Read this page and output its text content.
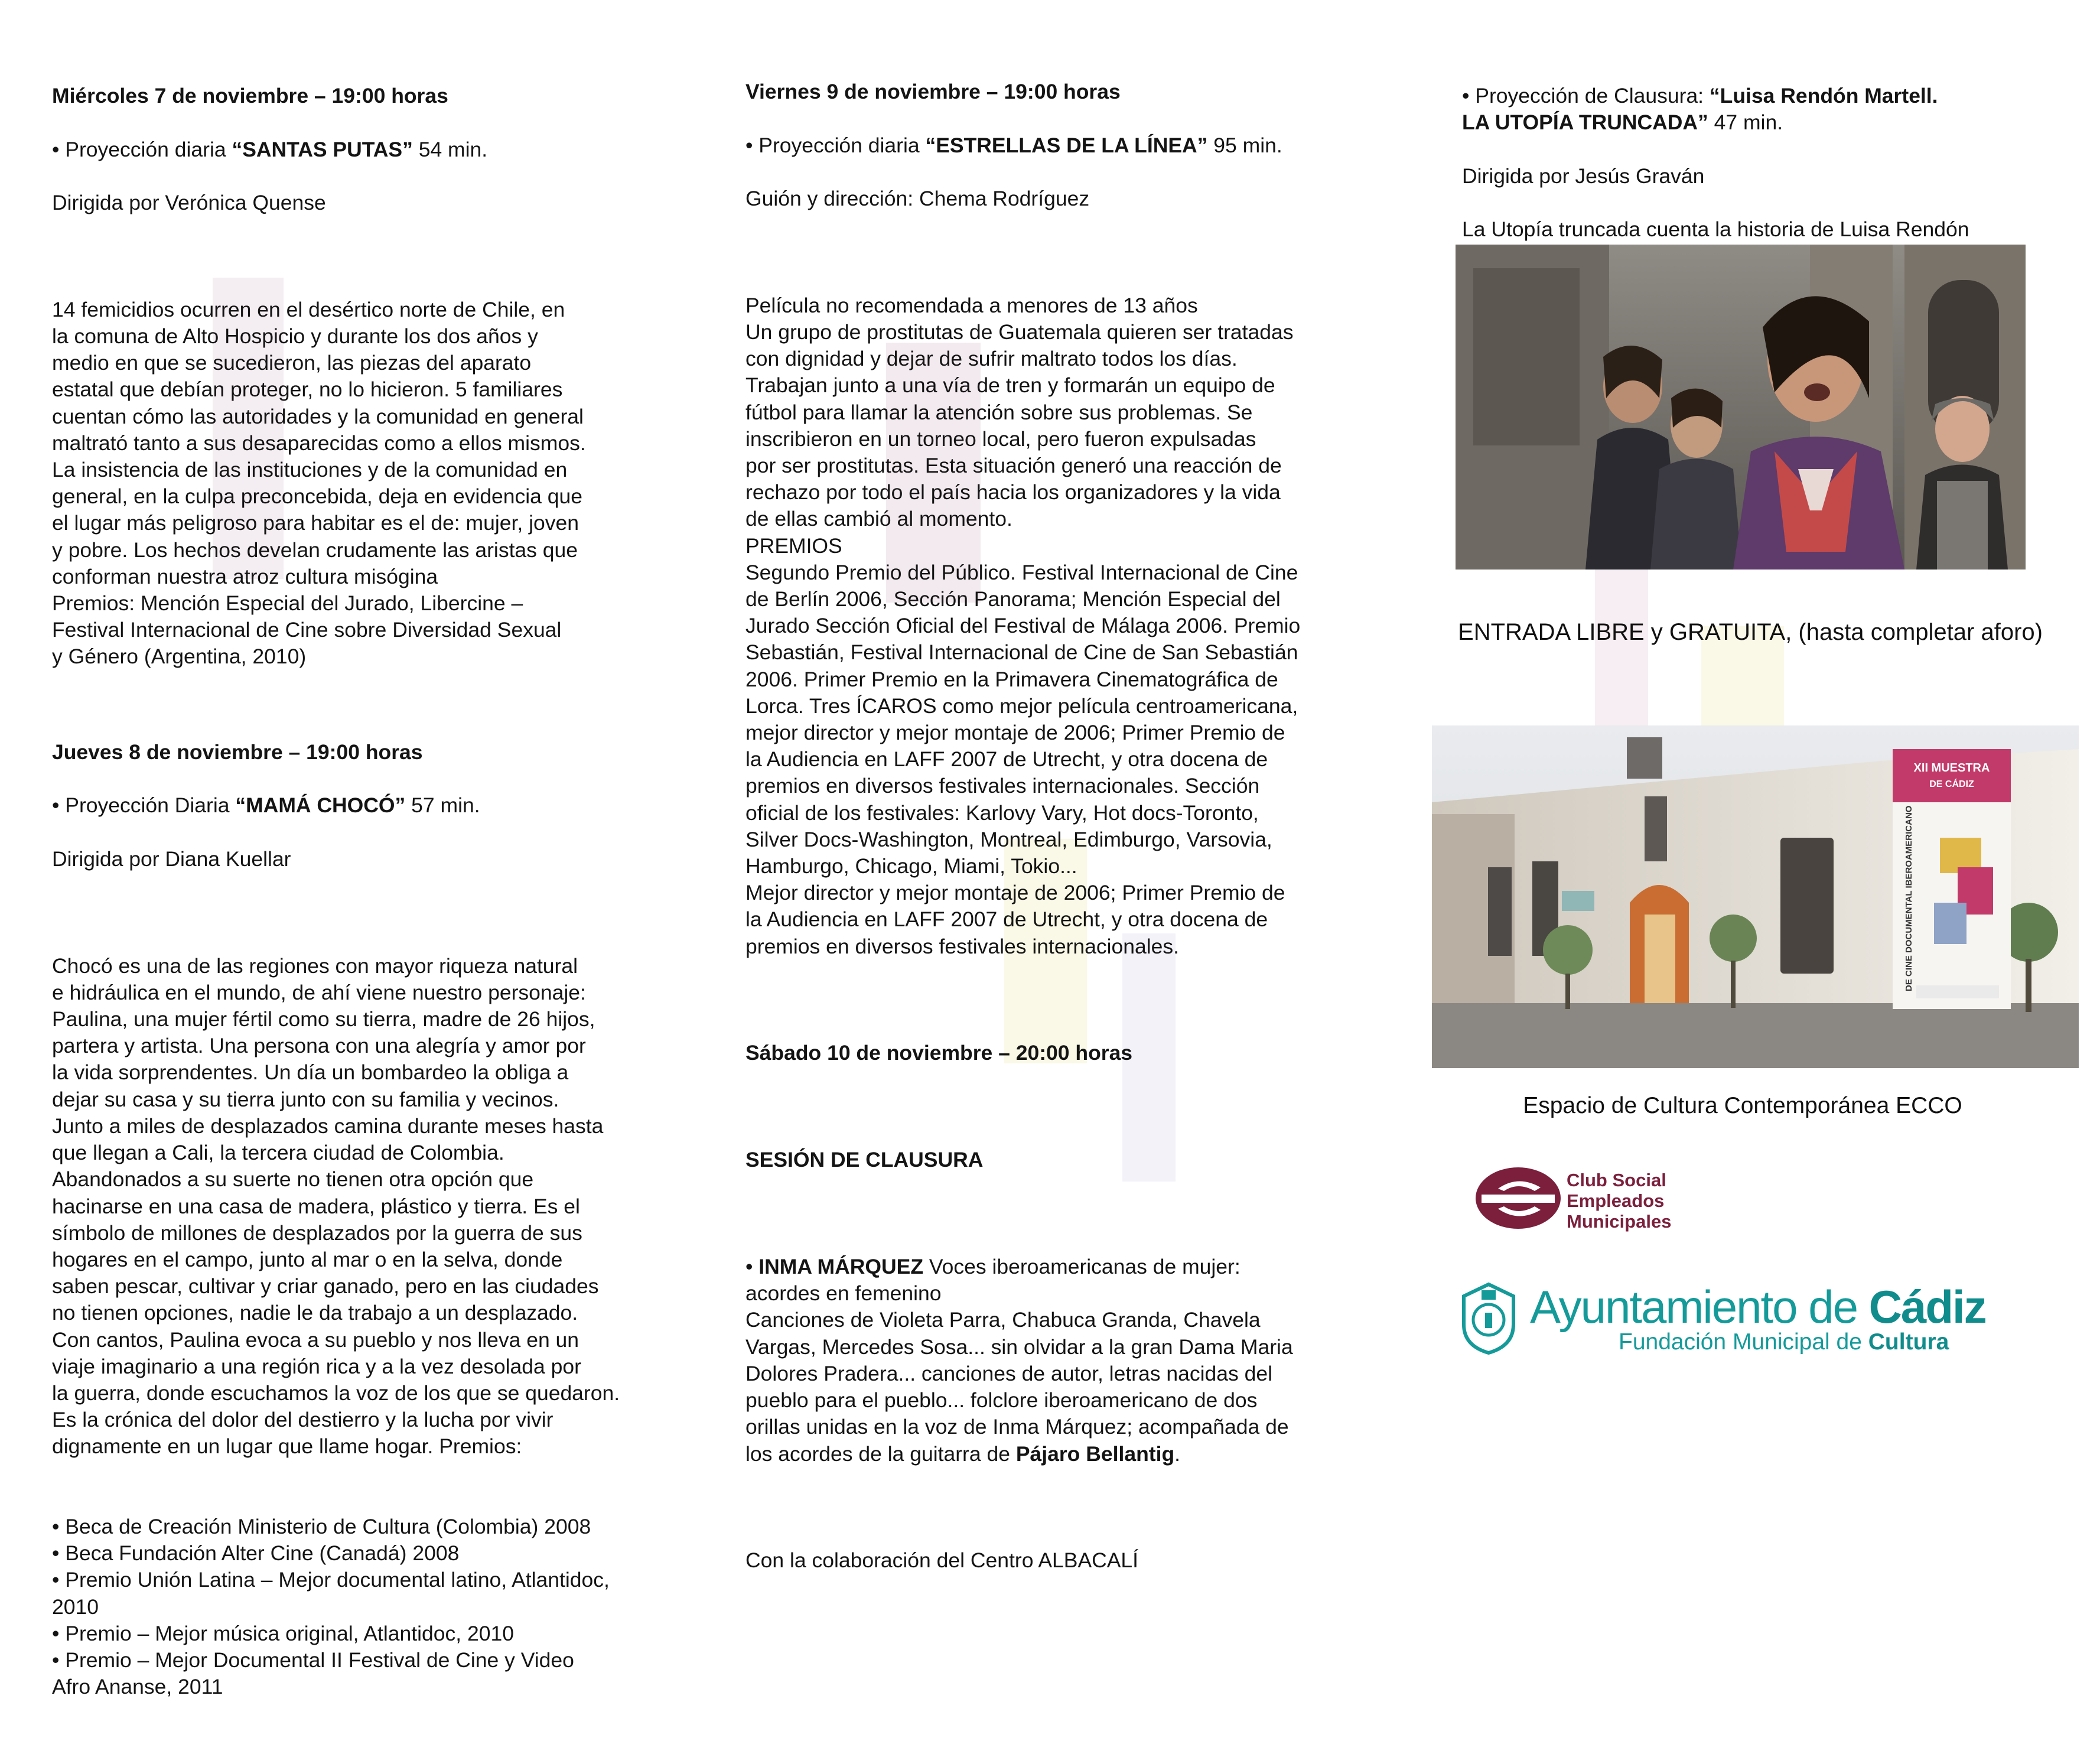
Miércoles 7 de noviembre – 19:00 horas

• Proyección diaria “SANTAS PUTAS” 54 min.

Dirigida por Verónica Quense

14 femicidios ocurren en el desértico norte de Chile, en
la comuna de Alto Hospicio y durante los dos años y
medio en que se sucedieron, las piezas del aparato
estatal que debían proteger, no lo hicieron. 5 familiares
cuentan cómo las autoridades y la comunidad en general
maltrató tanto a sus desaparecidas como a ellos mismos.
La insistencia de las instituciones y de la comunidad en
general, en la culpa preconcebida, deja en evidencia que
el lugar más peligroso para habitar es el de: mujer, joven
y pobre. Los hechos develan crudamente las aristas que
conforman nuestra atroz cultura misógina
Premios: Mención Especial del Jurado, Libercine –
Festival Internacional de Cine sobre Diversidad Sexual
y Género (Argentina, 2010)

Jueves 8 de noviembre – 19:00 horas

• Proyección Diaria “MAMÁ CHOCÓ” 57 min.

Dirigida por Diana Kuellar

Chocó es una de las regiones con mayor riqueza natural
e hidráulica en el mundo, de ahí viene nuestro personaje:
Paulina, una mujer fértil como su tierra, madre de 26 hijos,
partera y artista. Una persona con una alegría y amor por
la vida sorprendentes. Un día un bombardeo la obliga a
dejar su casa y su tierra junto con su familia y vecinos.
Junto a miles de desplazados camina durante meses hasta
que llegan a Cali, la tercera ciudad de Colombia.
Abandonados a su suerte no tienen otra opción que
hacinarse en una casa de madera, plástico y tierra. Es el
símbolo de millones de desplazados por la guerra de sus
hogares en el campo, junto al mar o en la selva, donde
saben pescar, cultivar y criar ganado, pero en las ciudades
no tienen opciones, nadie le da trabajo a un desplazado.
Con cantos, Paulina evoca a su pueblo y nos lleva en un
viaje imaginario a una región rica y a la vez desolada por
la guerra, donde escuchamos la voz de los que se quedaron.
Es la crónica del dolor del destierro y la lucha por vivir
dignamente en un lugar que llame hogar. Premios:

• Beca de Creación Ministerio de Cultura (Colombia) 2008
• Beca Fundación Alter Cine (Canadá) 2008
• Premio Unión Latina – Mejor documental latino, Atlantidoc,
2010
• Premio – Mejor música original, Atlantidoc, 2010
• Premio – Mejor Documental II Festival de Cine y Video
Afro Ananse, 2011

Viernes 9 de noviembre – 19:00 horas

• Proyección diaria “ESTRELLAS DE LA LÍNEA” 95 min.

Guión y dirección: Chema Rodríguez

Película no recomendada a menores de 13 años
Un grupo de prostitutas de Guatemala quieren ser tratadas
con dignidad y dejar de sufrir maltrato todos los días.
Trabajan junto a una vía de tren y formarán un equipo de
fútbol para llamar la atención sobre sus problemas. Se
inscribieron en un torneo local, pero fueron expulsadas
por ser prostitutas. Esta situación generó una reacción de
rechazo por todo el país hacia los organizadores y la vida
de ellas cambió al momento.
PREMIOS
Segundo Premio del Público. Festival Internacional de Cine
de Berlín 2006, Sección Panorama; Mención Especial del
Jurado Sección Oficial del Festival de Málaga 2006. Premio
Sebastián, Festival Internacional de Cine de San Sebastián
2006. Primer Premio en la Primavera Cinematográfica de
Lorca. Tres ÍCAROS como mejor película centroamericana,
mejor director y mejor montaje de 2006; Primer Premio de
la Audiencia en LAFF 2007 de Utrecht, y otra docena de
premios en diversos festivales internacionales. Sección
oficial de los festivales: Karlovy Vary, Hot docs-Toronto,
Silver Docs-Washington, Montreal, Edimburgo, Varsovia,
Hamburgo, Chicago, Miami, Tokio...
Mejor director y mejor montaje de 2006; Primer Premio de
la Audiencia en LAFF 2007 de Utrecht, y otra docena de
premios en diversos festivales internacionales.

Sábado 10 de noviembre – 20:00 horas

SESIÓN DE CLAUSURA

• INMA MÁRQUEZ Voces iberoamericanas de mujer:
acordes en femenino
Canciones de Violeta Parra, Chabuca Granda, Chavela
Vargas, Mercedes Sosa... sin olvidar a la gran Dama Maria
Dolores Pradera... canciones de autor, letras nacidas del
pueblo para el pueblo... folclore iberoamericano de dos
orillas unidas en la voz de Inma Márquez; acompañada de
los acordes de la guitarra de Pájaro Bellantig.

Con la colaboración del Centro ALBACALÍ

• Proyección de Clausura: “Luisa Rendón Martell.
LA UTOPÍA TRUNCADA” 47 min.

Dirigida por Jesús Graván

La Utopía truncada cuenta la historia de Luisa Rendón

ENTRADA LIBRE y GRATUITA, (hasta completar aforo)
XII MUESTRA
DE CÁDIZ
DE CINE DOCUMENTAL IBEROAMERICANO
Espacio de Cultura Contemporánea ECCO
Club Social
Empleados
Municipales
Ayuntamiento de Cádiz
Fundación Municipal de Cultura
